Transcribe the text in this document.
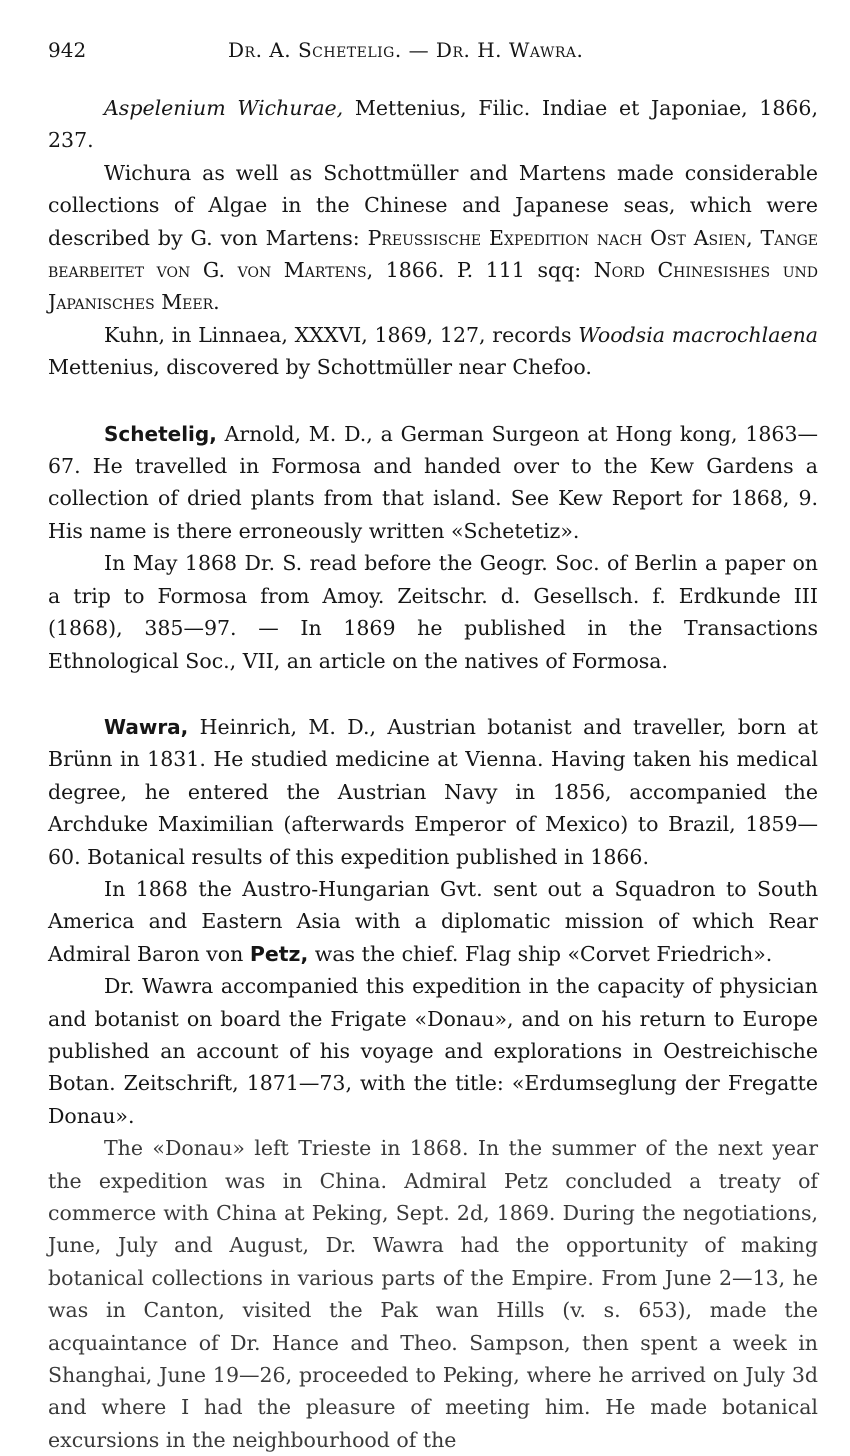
942	Dr. A. Schetelig. — Dr. H. Wawra.

Aspelenium Wichurae, Mettenius, Filic. Indiae et Japoniae, 1866, 237.

Wichura as well as Schottmüller and Martens made considerable collections of Algae in the Chinese and Japanese seas, which were described by G. von Martens: Preussische Expedition nach Ost Asien, Tange bearbeitet von G. von Martens, 1866. P. 111 sqq: Nord Chinesishes und Japanisches Meer.

Kuhn, in Linnaea, XXXVI, 1869, 127, records Woodsia macrochlaena Mettenius, discovered by Schottmüller near Chefoo.

Schetelig, Arnold, M. D., a German Surgeon at Hong kong, 1863—67. He travelled in Formosa and handed over to the Kew Gardens a collection of dried plants from that island. See Kew Report for 1868, 9. His name is there erroneously written «Schetetiz».

In May 1868 Dr. S. read before the Geogr. Soc. of Berlin a paper on a trip to Formosa from Amoy. Zeitschr. d. Gesellsch. f. Erdkunde III (1868), 385—97. — In 1869 he published in the Transactions Ethnological Soc., VII, an article on the natives of Formosa.

Wawra, Heinrich, M. D., Austrian botanist and traveller, born at Brünn in 1831. He studied medicine at Vienna. Having taken his medical degree, he entered the Austrian Navy in 1856, accompanied the Archduke Maximilian (afterwards Emperor of Mexico) to Brazil, 1859—60. Botanical results of this expedition published in 1866.

In 1868 the Austro-Hungarian Gvt. sent out a Squadron to South America and Eastern Asia with a diplomatic mission of which Rear Admiral Baron von Petz, was the chief. Flag ship «Corvet Friedrich».

Dr. Wawra accompanied this expedition in the capacity of physician and botanist on board the Frigate «Donau», and on his return to Europe published an account of his voyage and explorations in Oestreichische Botan. Zeitschrift, 1871—73, with the title: «Erdumseglung der Fregatte Donau».

The «Donau» left Trieste in 1868. In the summer of the next year the expedition was in China. Admiral Petz concluded a treaty of commerce with China at Peking, Sept. 2d, 1869. During the negotiations, June, July and August, Dr. Wawra had the opportunity of making botanical collections in various parts of the Empire. From June 2—13, he was in Canton, visited the Pak wan Hills (v. s. 653), made the acquaintance of Dr. Hance and Theo. Sampson, then spent a week in Shanghai, June 19—26, proceeded to Peking, where he arrived on July 3d and where I had the pleasure of meeting him. He made botanical excursions in the neighbourhood of the
